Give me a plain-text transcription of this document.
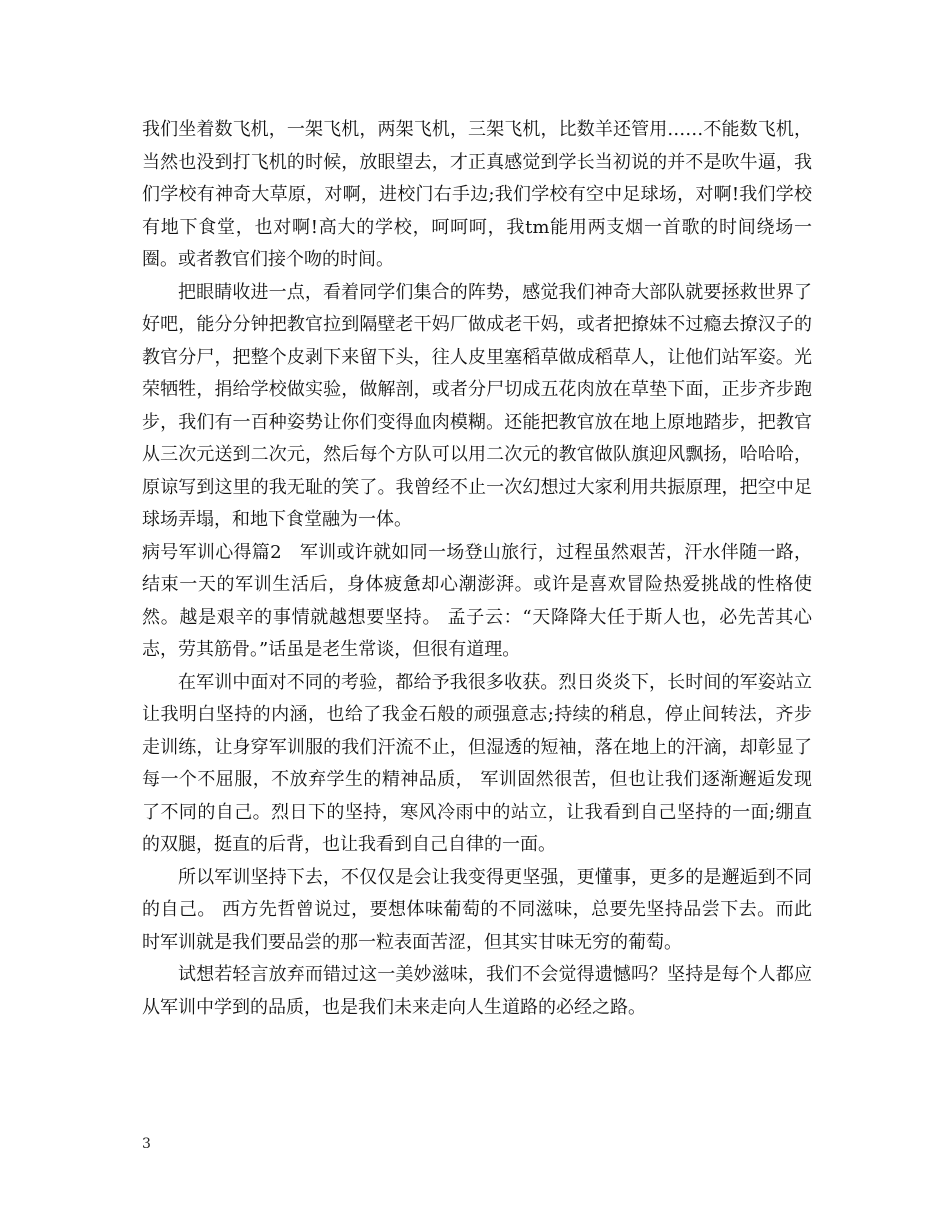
我们坐着数飞机，一架飞机，两架飞机，三架飞机，比数羊还管用……不能数飞机，当然也没到打飞机的时候，放眼望去，才正真感觉到学长当初说的并不是吹牛逼，我们学校有神奇大草原，对啊，进校门右手边;我们学校有空中足球场，对啊!我们学校有地下食堂，也对啊!高大的学校，呵呵呵，我tm能用两支烟一首歌的时间绕场一圈。或者教官们接个吻的时间。

把眼睛收进一点，看着同学们集合的阵势，感觉我们神奇大部队就要拯救世界了好吧，能分分钟把教官拉到隔壁老干妈厂做成老干妈，或者把撩妹不过瘾去撩汉子的教官分尸，把整个皮剥下来留下头，往人皮里塞稻草做成稻草人，让他们站军姿。光荣牺牲，捐给学校做实验，做解剖，或者分尸切成五花肉放在草垫下面，正步齐步跑步，我们有一百种姿势让你们变得血肉模糊。还能把教官放在地上原地踏步，把教官从三次元送到二次元，然后每个方队可以用二次元的教官做队旗迎风飘扬，哈哈哈，原谅写到这里的我无耻的笑了。我曾经不止一次幻想过大家利用共振原理，把空中足球场弄塌，和地下食堂融为一体。

病号军训心得篇2 军训或许就如同一场登山旅行，过程虽然艰苦，汗水伴随一路， 结束一天的军训生活后，身体疲惫却心潮澎湃。或许是喜欢冒险热爱挑战的性格使然。越是艰辛的事情就越想要坚持。 孟子云：“天降降大任于斯人也，必先苦其心志，劳其筋骨。”话虽是老生常谈，但很有道理。

在军训中面对不同的考验，都给予我很多收获。烈日炎炎下，长时间的军姿站立让我明白坚持的内涵，也给了我金石般的顽强意志;持续的稍息，停止间转法，齐步走训练，让身穿军训服的我们汗流不止，但湿透的短袖，落在地上的汗滴，却彰显了每一个不屈服，不放弃学生的精神品质， 军训固然很苦，但也让我们逐渐邂逅发现了不同的自己。烈日下的坚持，寒风冷雨中的站立，让我看到自己坚持的一面;绷直的双腿，挺直的后背，也让我看到自己自律的一面。

所以军训坚持下去，不仅仅是会让我变得更坚强，更懂事，更多的是邂逅到不同的自己。 西方先哲曾说过，要想体味葡萄的不同滋味，总要先坚持品尝下去。而此时军训就是我们要品尝的那一粒表面苦涩，但其实甘味无穷的葡萄。

试想若轻言放弃而错过这一美妙滋味，我们不会觉得遗憾吗？坚持是每个人都应从军训中学到的品质，也是我们未来走向人生道路的必经之路。

3
